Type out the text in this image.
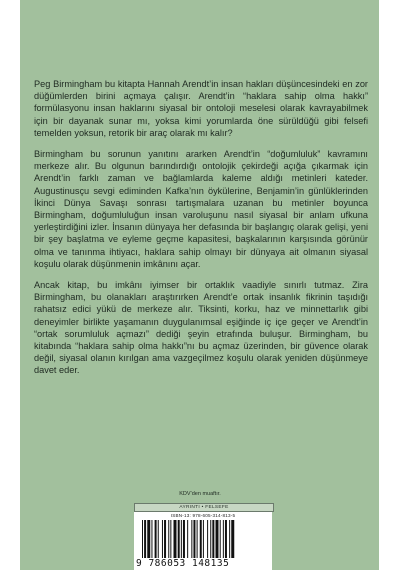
Peg Birmingham bu kitapta Hannah Arendt’in insan hakları düşüncesindeki en zor düğümlerden birini açmaya çalışır. Arendt’in “haklara sahip olma hakkı” formülasyonu insan haklarını siyasal bir ontoloji meselesi olarak kavrayabilmek için bir dayanak sunar mı, yoksa kimi yorumlarda öne sürüldüğü gibi felsefi temelden yoksun, retorik bir araç olarak mı kalır?

Birmingham bu sorunun yanıtını ararken Arendt’in “doğumluluk” kavramını merkeze alır. Bu olgunun barındırdığı ontolojik çekirdeği açığa çıkarmak için Arendt’in farklı zaman ve bağlamlarda kaleme aldığı metinleri kateder. Augustinusçu sevgi ediminden Kafka’nın öykülerine, Benjamin’in günlüklerinden İkinci Dünya Savaşı sonrası tartışmalara uzanan bu metinler boyunca Birmingham, doğumluluğun insan varoluşunu nasıl siyasal bir anlam ufkuna yerleştirdiğini izler. İnsanın dünyaya her defasında bir başlangıç olarak gelişi, yeni bir şey başlatma ve eyleme geçme kapasitesi, başkalarının karşısında görünür olma ve tanınma ihtiyacı, haklara sahip olmayı bir dünyaya ait olmanın siyasal koşulu olarak düşünmenin imkânını açar.

Ancak kitap, bu imkânı iyimser bir ortaklık vaadiyle sınırlı tutmaz. Zira Birmingham, bu olanakları araştırırken Arendt’e ortak insanlık fikrinin taşıdığı rahatsız edici yükü de merkeze alır. Tiksinti, korku, haz ve minnettarlık gibi deneyimler birlikte yaşamanın duygulanımsal eşiğinde iç içe geçer ve Arendt’in “ortak sorumluluk açmazı” dediği şeyin etrafında buluşur. Birmingham, bu kitabında “haklara sahip olma hakkı”nı bu açmaz üzerinden, bir güvence olarak değil, siyasal olanın kırılgan ama vazgeçilmez koşulu olarak yeniden düşünmeye davet eder.

KDV’den muaftır.
AYRINTI • FELSEFE
ISBN-13: 978-605-314-813-5
9 786053 148135
